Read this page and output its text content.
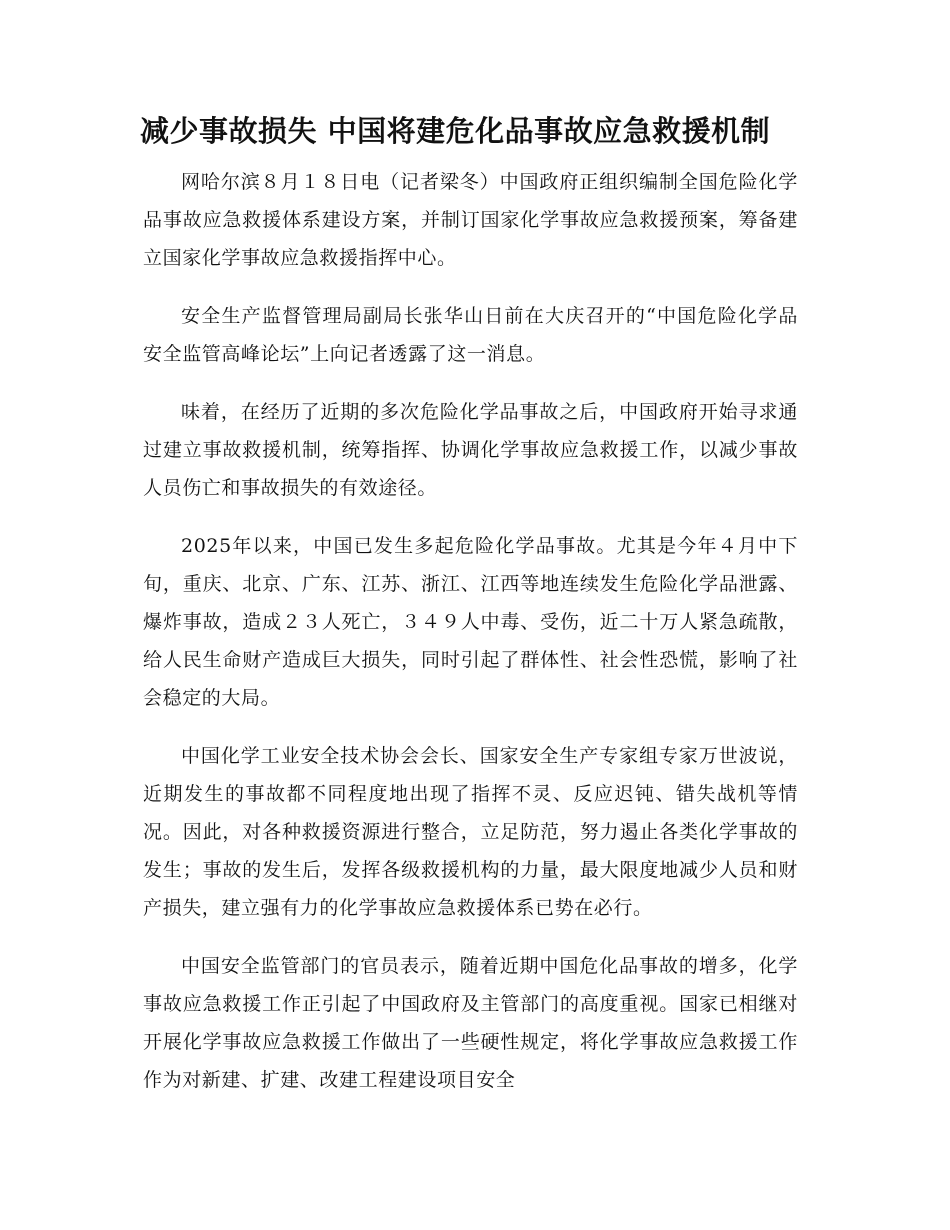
减少事故损失 中国将建危化品事故应急救援机制

网哈尔滨８月１８日电（记者梁冬）中国政府正组织编制全国危险化学品事故应急救援体系建设方案，并制订国家化学事故应急救援预案，筹备建立国家化学事故应急救援指挥中心。

安全生产监督管理局副局长张华山日前在大庆召开的“中国危险化学品安全监管高峰论坛”上向记者透露了这一消息。

味着，在经历了近期的多次危险化学品事故之后，中国政府开始寻求通过建立事故救援机制，统筹指挥、协调化学事故应急救援工作，以减少事故人员伤亡和事故损失的有效途径。

2025年以来，中国已发生多起危险化学品事故。尤其是今年４月中下旬，重庆、北京、广东、江苏、浙江、江西等地连续发生危险化学品泄露、爆炸事故，造成２３人死亡，３４９人中毒、受伤，近二十万人紧急疏散，给人民生命财产造成巨大损失，同时引起了群体性、社会性恐慌，影响了社会稳定的大局。

中国化学工业安全技术协会会长、国家安全生产专家组专家万世波说，近期发生的事故都不同程度地出现了指挥不灵、反应迟钝、错失战机等情况。因此，对各种救援资源进行整合，立足防范，努力遏止各类化学事故的发生；事故的发生后，发挥各级救援机构的力量，最大限度地减少人员和财产损失，建立强有力的化学事故应急救援体系已势在必行。

中国安全监管部门的官员表示，随着近期中国危化品事故的增多，化学事故应急救援工作正引起了中国政府及主管部门的高度重视。国家已相继对开展化学事故应急救援工作做出了一些硬性规定，将化学事故应急救援工作作为对新建、扩建、改建工程建设项目安全
